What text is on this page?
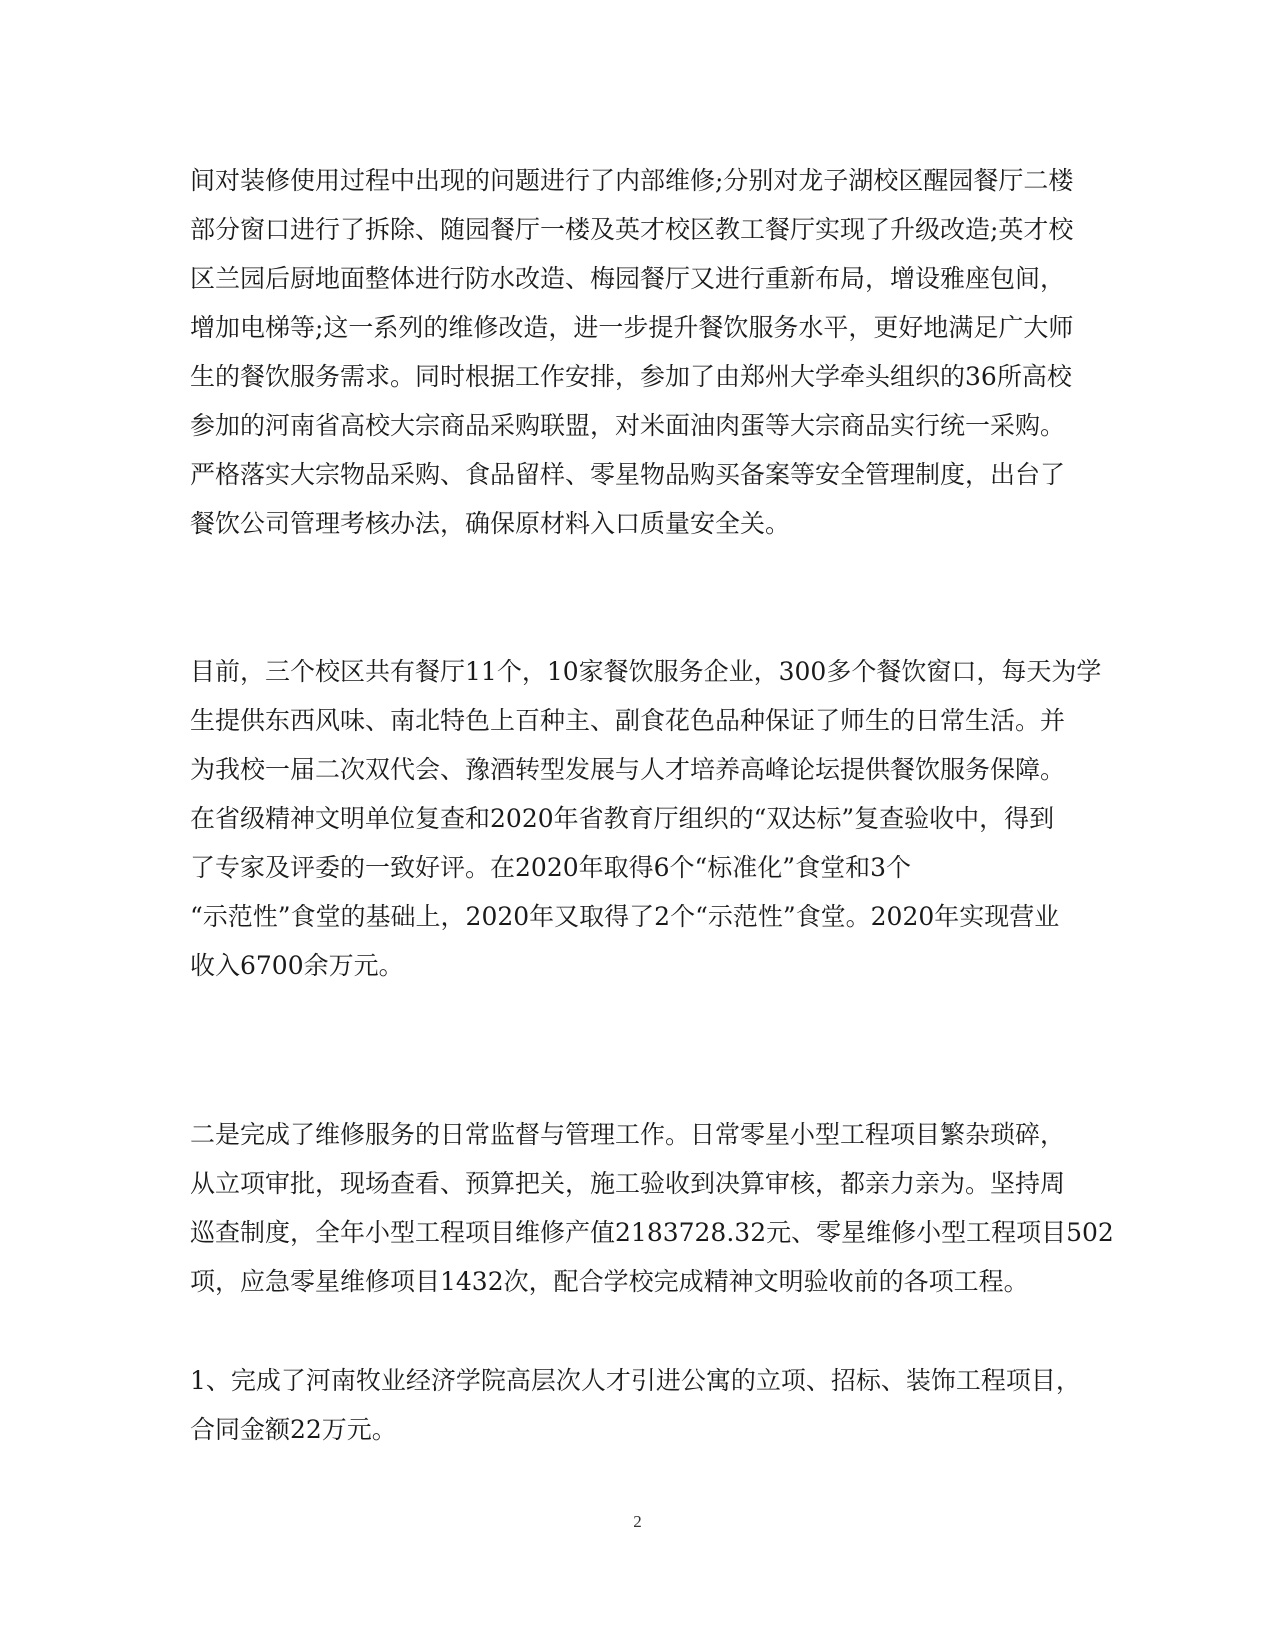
间对装修使用过程中出现的问题进行了内部维修;分别对龙子湖校区醒园餐厅二楼
部分窗口进行了拆除、随园餐厅一楼及英才校区教工餐厅实现了升级改造;英才校
区兰园后厨地面整体进行防水改造、梅园餐厅又进行重新布局，增设雅座包间，
增加电梯等;这一系列的维修改造，进一步提升餐饮服务水平，更好地满足广大师
生的餐饮服务需求。同时根据工作安排，参加了由郑州大学牵头组织的36所高校
参加的河南省高校大宗商品采购联盟，对米面油肉蛋等大宗商品实行统一采购。
严格落实大宗物品采购、食品留样、零星物品购买备案等安全管理制度，出台了
餐饮公司管理考核办法，确保原材料入口质量安全关。
目前，三个校区共有餐厅11个，10家餐饮服务企业，300多个餐饮窗口，每天为学
生提供东西风味、南北特色上百种主、副食花色品种保证了师生的日常生活。并
为我校一届二次双代会、豫酒转型发展与人才培养高峰论坛提供餐饮服务保障。
在省级精神文明单位复查和2020年省教育厅组织的“双达标”复查验收中，得到
了专家及评委的一致好评。在2020年取得6个“标准化”食堂和3个
“示范性”食堂的基础上，2020年又取得了2个“示范性”食堂。2020年实现营业
收入6700余万元。
二是完成了维修服务的日常监督与管理工作。日常零星小型工程项目繁杂琐碎，
从立项审批，现场查看、预算把关，施工验收到决算审核，都亲力亲为。坚持周
巡查制度，全年小型工程项目维修产值2183728.32元、零星维修小型工程项目502
项，应急零星维修项目1432次，配合学校完成精神文明验收前的各项工程。
1、完成了河南牧业经济学院高层次人才引进公寓的立项、招标、装饰工程项目，
合同金额22万元。
2
